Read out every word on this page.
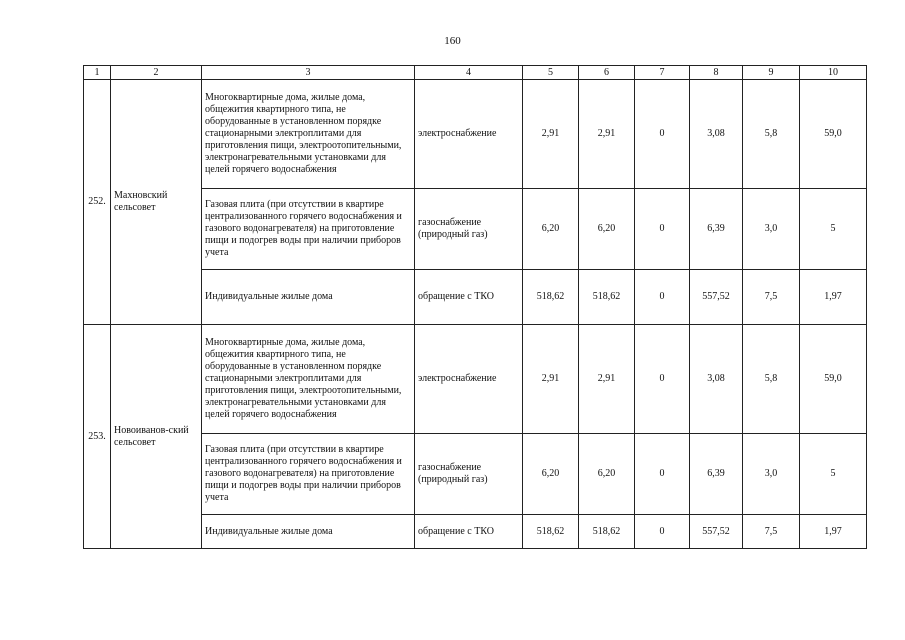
160
1	2	3	4	5	6	7	8	9	10
252.	Махновский сельсовет	Многоквартирные дома, жилые дома, общежития квартирного типа, не оборудованные в установленном порядке стационарными электроплитами для приготовления пищи, электроотопительными, электронагревательными установками для целей горячего водоснабжения	электроснабжение	2,91	2,91	0	3,08	5,8	59,0
		Газовая плита (при отсутствии в квартире централизованного горячего водоснабжения и газового водонагревателя) на приготовление пищи и подогрев воды при наличии приборов учета	газоснабжение (природный газ)	6,20	6,20	0	6,39	3,0	5
		Индивидуальные жилые дома	обращение с ТКО	518,62	518,62	0	557,52	7,5	1,97
253.	Новоиванов-ский сельсовет	Многоквартирные дома, жилые дома, общежития квартирного типа, не оборудованные в установленном порядке стационарными электроплитами для приготовления пищи, электроотопительными, электронагревательными установками для целей горячего водоснабжения	электроснабжение	2,91	2,91	0	3,08	5,8	59,0
		Газовая плита (при отсутствии в квартире централизованного горячего водоснабжения и газового водонагревателя) на приготовление пищи и подогрев воды при наличии приборов учета	газоснабжение (природный газ)	6,20	6,20	0	6,39	3,0	5
		Индивидуальные жилые дома	обращение с ТКО	518,62	518,62	0	557,52	7,5	1,97
